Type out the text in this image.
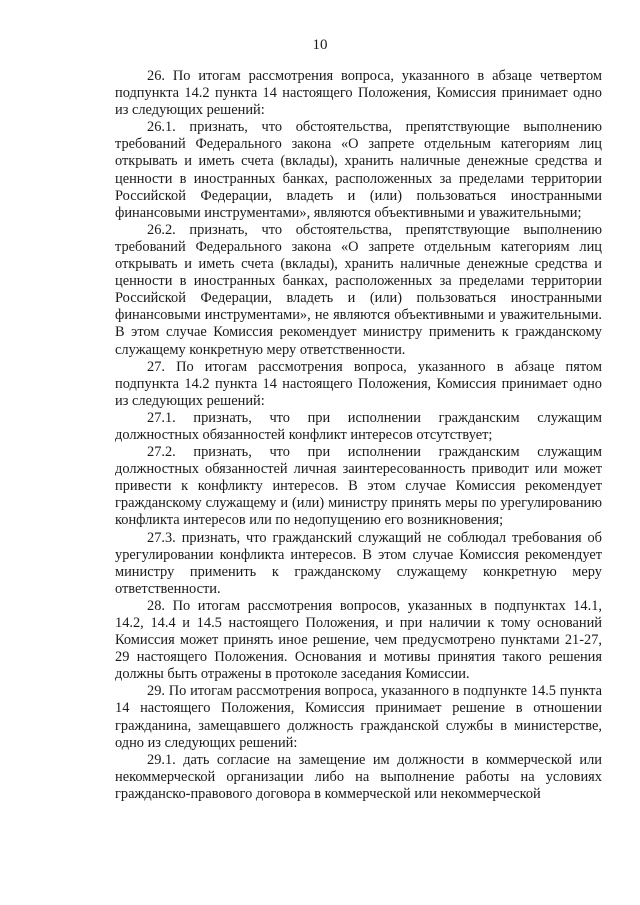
10

26. По итогам рассмотрения вопроса, указанного в абзаце четвертом подпункта 14.2 пункта 14 настоящего Положения, Комиссия принимает одно из следующих решений:

26.1. признать, что обстоятельства, препятствующие выполнению требований Федерального закона «О запрете отдельным категориям лиц открывать и иметь счета (вклады), хранить наличные денежные средства и ценности в иностранных банках, расположенных за пределами территории Российской Федерации, владеть и (или) пользоваться иностранными финансовыми инструментами», являются объективными и уважительными;

26.2. признать, что обстоятельства, препятствующие выполнению требований Федерального закона «О запрете отдельным категориям лиц открывать и иметь счета (вклады), хранить наличные денежные средства и ценности в иностранных банках, расположенных за пределами территории Российской Федерации, владеть и (или) пользоваться иностранными финансовыми инструментами», не являются объективными и уважительными. В этом случае Комиссия рекомендует министру применить к гражданскому служащему конкретную меру ответственности.

27. По итогам рассмотрения вопроса, указанного в абзаце пятом подпункта 14.2 пункта 14 настоящего Положения, Комиссия принимает одно из следующих решений:

27.1. признать, что при исполнении гражданским служащим должностных обязанностей конфликт интересов отсутствует;

27.2. признать, что при исполнении гражданским служащим должностных обязанностей личная заинтересованность приводит или может привести к конфликту интересов. В этом случае Комиссия рекомендует гражданскому служащему и (или) министру принять меры по урегулированию конфликта интересов или по недопущению его возникновения;

27.3. признать, что гражданский служащий не соблюдал требования об урегулировании конфликта интересов. В этом случае Комиссия рекомендует министру применить к гражданскому служащему конкретную меру ответственности.

28. По итогам рассмотрения вопросов, указанных в подпунктах 14.1, 14.2, 14.4 и 14.5 настоящего Положения, и при наличии к тому оснований Комиссия может принять иное решение, чем предусмотрено пунктами 21-27, 29 настоящего Положения. Основания и мотивы принятия такого решения должны быть отражены в протоколе заседания Комиссии.

29. По итогам рассмотрения вопроса, указанного в подпункте 14.5 пункта 14 настоящего Положения, Комиссия принимает решение в отношении гражданина, замещавшего должность гражданской службы в министерстве, одно из следующих решений:

29.1. дать согласие на замещение им должности в коммерческой или некоммерческой организации либо на выполнение работы на условиях гражданско-правового договора в коммерческой или некоммерческой
